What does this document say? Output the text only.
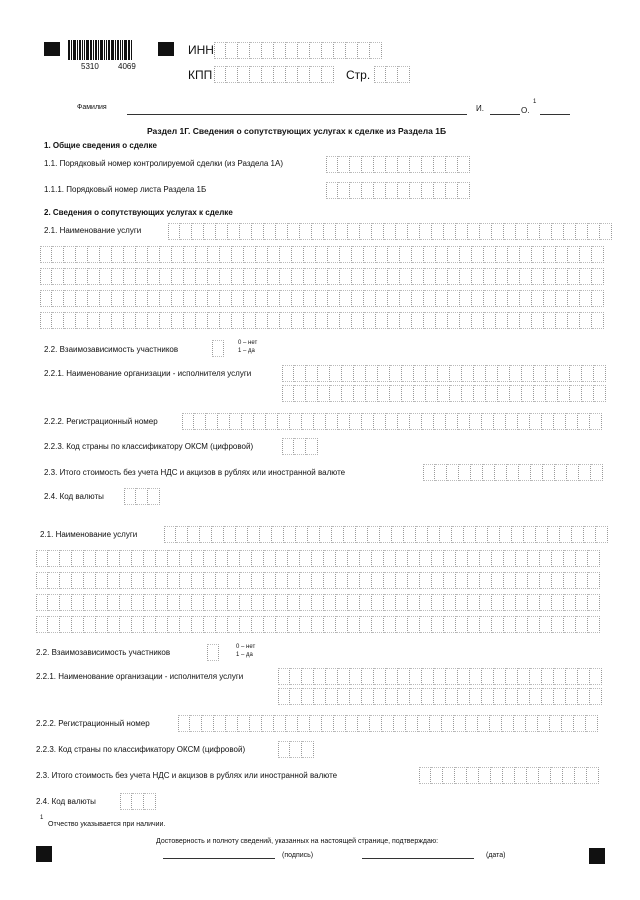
5310 4069
ИНН
КПП	Стр.
Фамилия	И.	О.
1
Раздел 1Г. Сведения о сопутствующих услугах к сделке из Раздела 1Б
1. Общие сведения о сделке
1.1. Порядковый номер контролируемой сделки (из Раздела 1А)
1.1.1. Порядковый номер листа Раздела 1Б
2. Сведения о сопутствующих услугах к сделке
2.1. Наименование услуги
2.2. Взаимозависимость участников
0 – нет
1 – да
2.2.1. Наименование организации - исполнителя услуги
2.2.2. Регистрационный номер
2.2.3. Код страны по классификатору ОКСМ (цифровой)
2.3. Итого стоимость без учета НДС и акцизов в рублях или иностранной валюте
2.4. Код валюты
2.1. Наименование услуги
2.2. Взаимозависимость участников
0 – нет
1 – да
2.2.1. Наименование организации - исполнителя услуги
2.2.2. Регистрационный номер
2.2.3. Код страны по классификатору ОКСМ (цифровой)
2.3. Итого стоимость без учета НДС и акцизов в рублях или иностранной валюте
2.4. Код валюты
1
Отчество указывается при наличии.
Достоверность и полноту сведений, указанных на настоящей странице, подтверждаю:
(подпись)	(дата)
